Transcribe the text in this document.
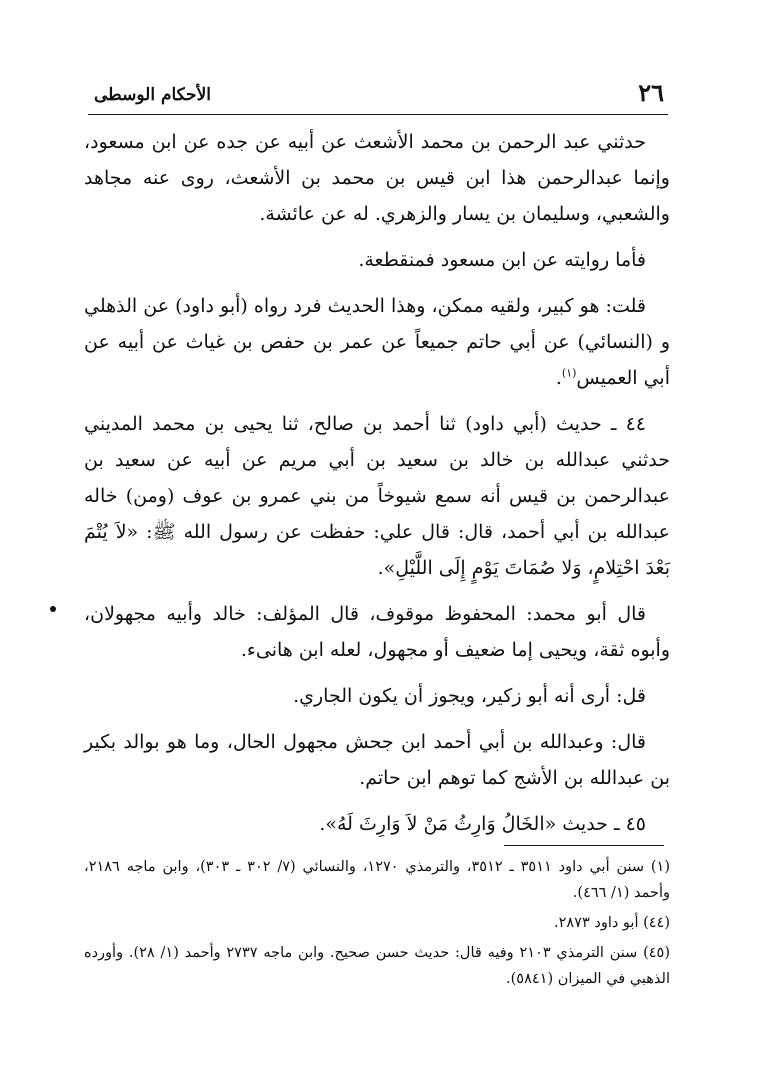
٢٦
الأحكام الوسطى

حدثني عبد الرحمن بن محمد الأشعث عن أبيه عن جده عن ابن مسعود، وإنما عبدالرحمن هذا ابن قيس بن محمد بن الأشعث، روى عنه مجاهد والشعبي، وسليمان بن يسار والزهري. له عن عائشة.

فأما روايته عن ابن مسعود فمنقطعة.

قلت: هو كبير، ولقيه ممكن، وهذا الحديث فرد رواه (أبو داود) عن الذهلي و (النسائي) عن أبي حاتم جميعاً عن عمر بن حفص بن غياث عن أبيه عن أبي العميس$^{(١)}$.

٤٤ ـ حديث (أبي داود) ثنا أحمد بن صالح، ثنا يحيى بن محمد المديني حدثني عبدالله بن خالد بن سعيد بن أبي مريم عن أبيه عن سعيد بن عبدالرحمن بن قيس أنه سمع شيوخاً من بني عمرو بن عوف (ومن) خاله عبدالله بن أبي أحمد، قال: قال علي: حفظت عن رسول الله ﷺ: «لاَ يُتْمَ بَعْدَ احْتِلامٍ، وَلا صُمَاتَ يَوْمٍ إِلَى اللَّيْلِ».

قال أبو محمد: المحفوظ موقوف، قال المؤلف: خالد وأبيه مجهولان، وأبوه ثقة، ويحيى إما ضعيف أو مجهول، لعله ابن هانىء.

قل: أرى أنه أبو زكير، ويجوز أن يكون الجاري.

قال: وعبدالله بن أبي أحمد ابن جحش مجهول الحال، وما هو بوالد بكير بن عبدالله بن الأشج كما توهم ابن حاتم.

٤٥ ـ حديث «الخَالُ وَارِثُ مَنْ لاَ وَارِثَ لَهُ».

(١) سنن أبي داود ٣٥١١ ـ ٣٥١٢، والترمذي ١٢٧٠، والنسائي (٧/ ٣٠٢ ـ ٣٠٣)، وابن ماجه ٢١٨٦، وأحمد (١/ ٤٦٦).

(٤٤) أبو داود ٢٨٧٣.

(٤٥) سنن الترمذي ٢١٠٣ وفيه قال: حديث حسن صحيح. وابن ماجه ٢٧٣٧ وأحمد (١/ ٢٨). وأورده الذهبي في الميزان (٥٨٤١).
